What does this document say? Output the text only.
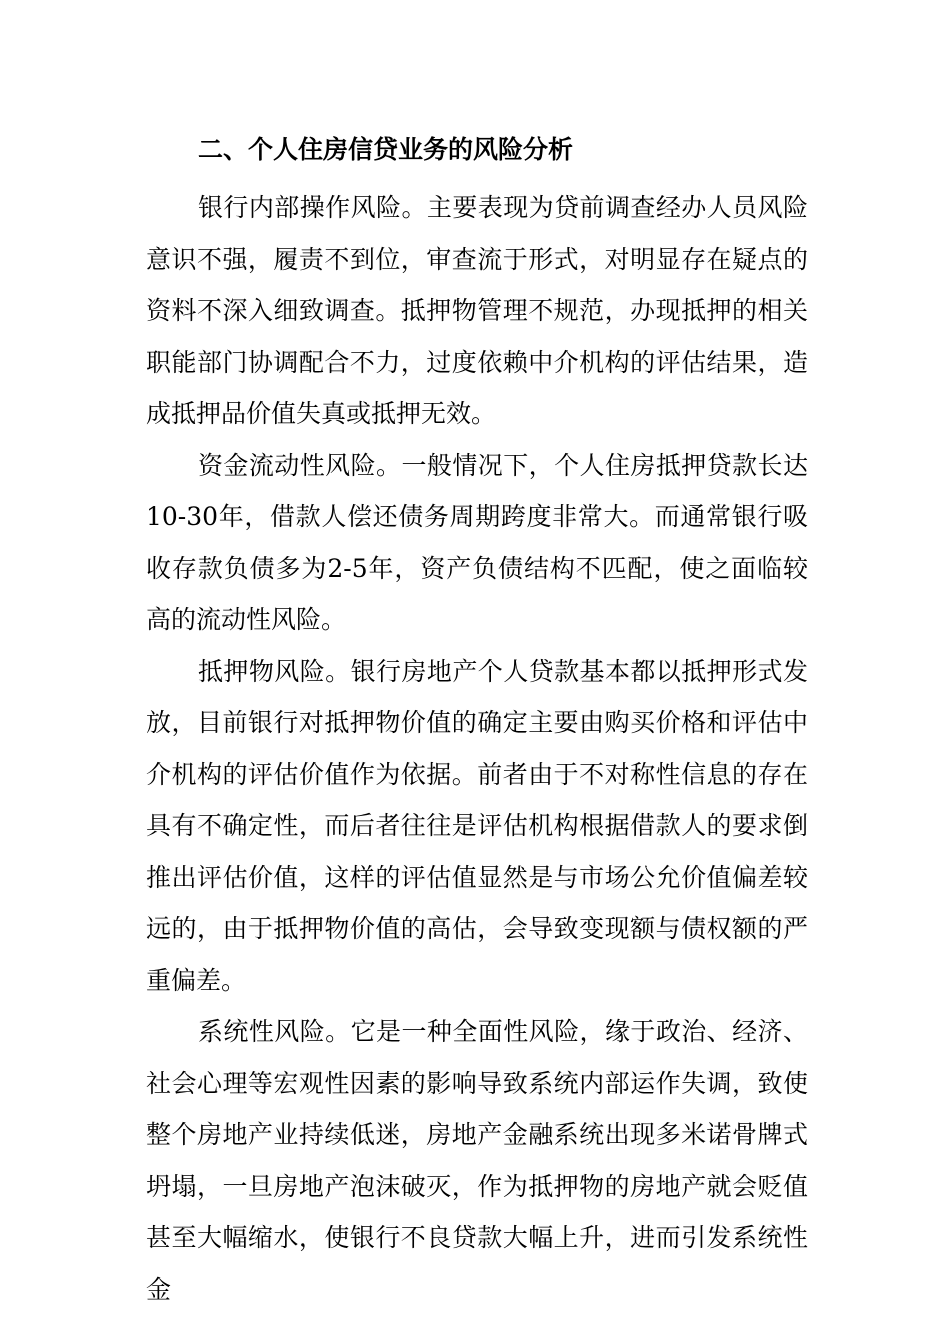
二、个人住房信贷业务的风险分析

银行内部操作风险。主要表现为贷前调查经办人员风险意识不强，履责不到位，审查流于形式，对明显存在疑点的资料不深入细致调查。抵押物管理不规范，办现抵押的相关职能部门协调配合不力，过度依赖中介机构的评估结果，造成抵押品价值失真或抵押无效。

资金流动性风险。一般情况下，个人住房抵押贷款长达10-30年，借款人偿还债务周期跨度非常大。而通常银行吸收存款负债多为2-5年，资产负债结构不匹配，使之面临较高的流动性风险。

抵押物风险。银行房地产个人贷款基本都以抵押形式发放，目前银行对抵押物价值的确定主要由购买价格和评估中介机构的评估价值作为依据。前者由于不对称性信息的存在具有不确定性，而后者往往是评估机构根据借款人的要求倒推出评估价值，这样的评估值显然是与市场公允价值偏差较远的，由于抵押物价值的高估，会导致变现额与债权额的严重偏差。

系统性风险。它是一种全面性风险，缘于政治、经济、社会心理等宏观性因素的影响导致系统内部运作失调，致使整个房地产业持续低迷，房地产金融系统出现多米诺骨牌式坍塌，一旦房地产泡沫破灭，作为抵押物的房地产就会贬值甚至大幅缩水，使银行不良贷款大幅上升，进而引发系统性金
